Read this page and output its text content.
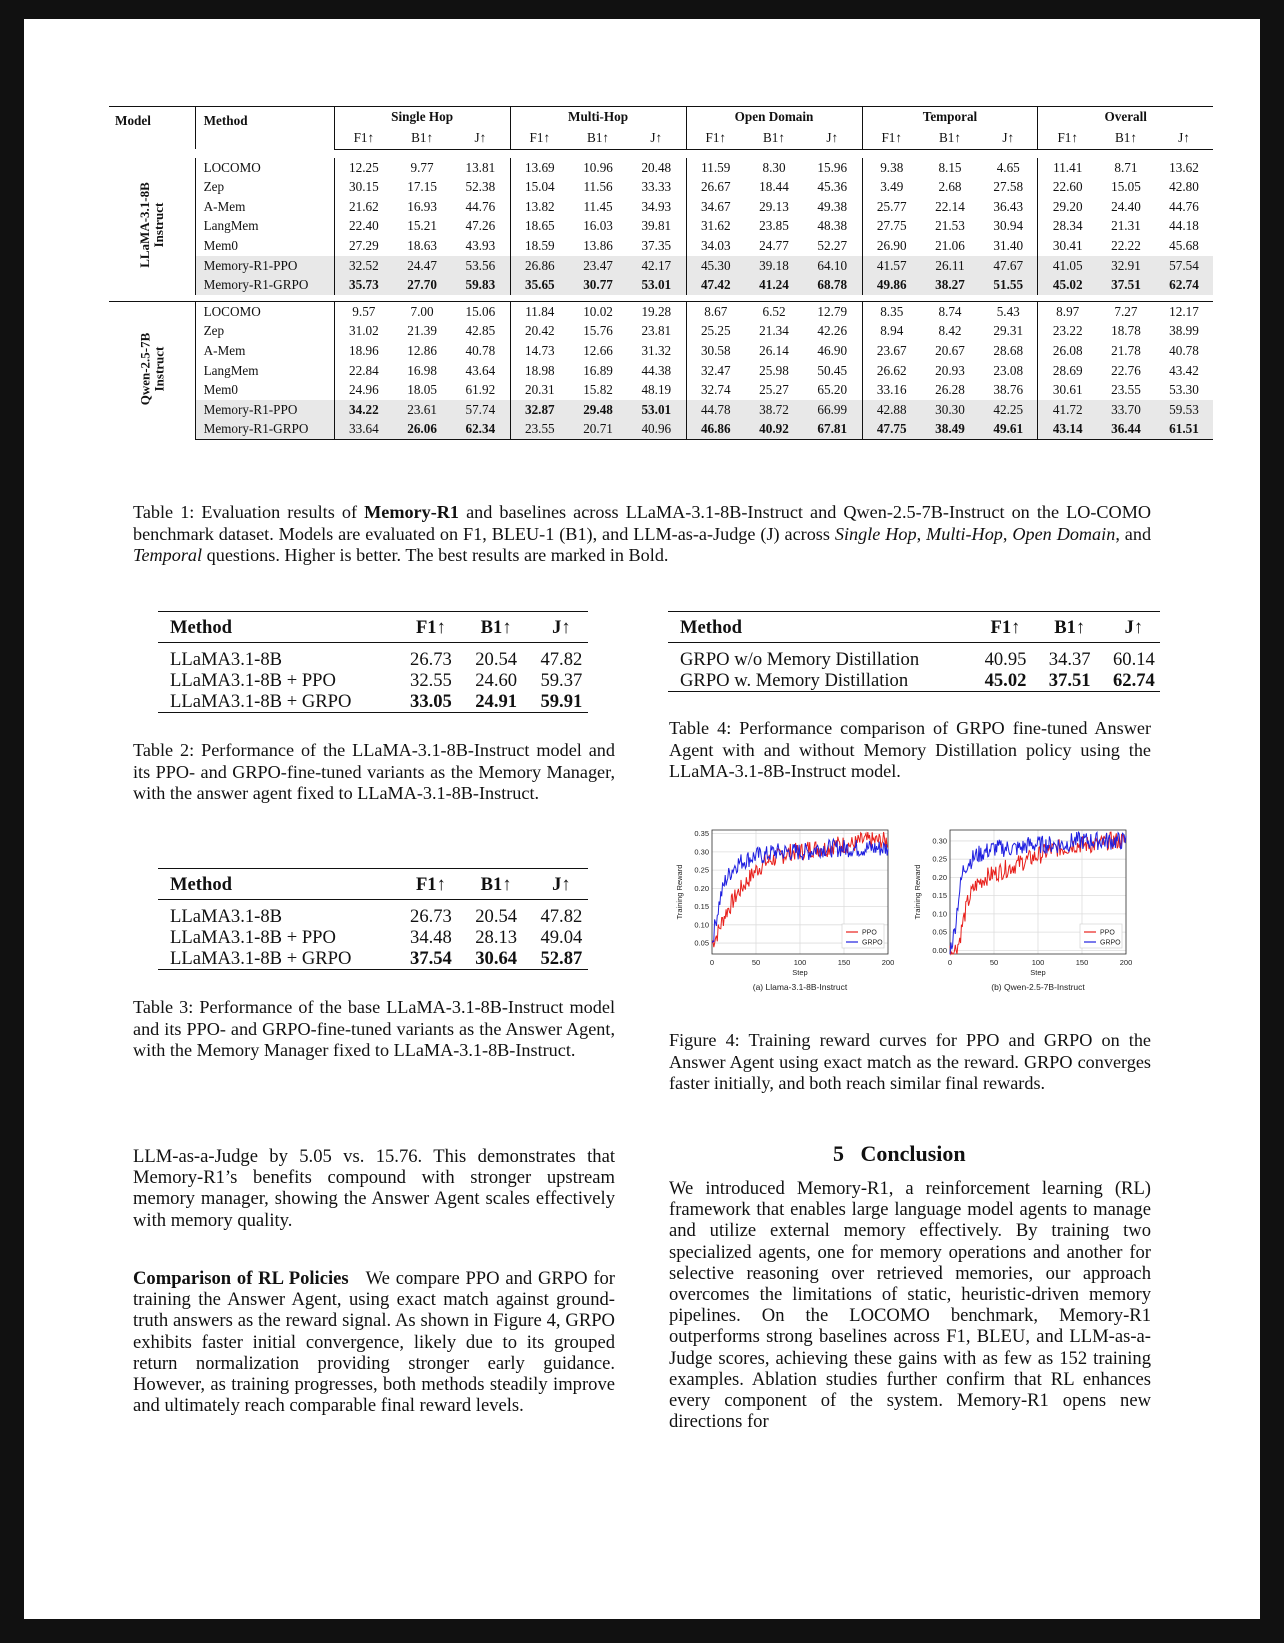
Model	Method	Single Hop			Multi-Hop			Open Domain			Temporal			Overall		
		F1↑	B1↑	J↑	F1↑	B1↑	J↑	F1↑	B1↑	J↑	F1↑	B1↑	J↑	F1↑	B1↑	J↑

LLaMA-3.1-8B Instruct	LOCOMO	12.25	9.77	13.81	13.69	10.96	20.48	11.59	8.30	15.96	9.38	8.15	4.65	11.41	8.71	13.62
	Zep	30.15	17.15	52.38	15.04	11.56	33.33	26.67	18.44	45.36	3.49	2.68	27.58	22.60	15.05	42.80
	A-Mem	21.62	16.93	44.76	13.82	11.45	34.93	34.67	29.13	49.38	25.77	22.14	36.43	29.20	24.40	44.76
	LangMem	22.40	15.21	47.26	18.65	16.03	39.81	31.62	23.85	48.38	27.75	21.53	30.94	28.34	21.31	44.18
	Mem0	27.29	18.63	43.93	18.59	13.86	37.35	34.03	24.77	52.27	26.90	21.06	31.40	30.41	22.22	45.68
	Memory-R1-PPO	32.52	24.47	53.56	26.86	23.47	42.17	45.30	39.18	64.10	41.57	26.11	47.67	41.05	32.91	57.54
	Memory-R1-GRPO	35.73	27.70	59.83	35.65	30.77	53.01	47.42	41.24	68.78	49.86	38.27	51.55	45.02	37.51	62.74

Qwen-2.5-7B Instruct	LOCOMO	9.57	7.00	15.06	11.84	10.02	19.28	8.67	6.52	12.79	8.35	8.74	5.43	8.97	7.27	12.17
	Zep	31.02	21.39	42.85	20.42	15.76	23.81	25.25	21.34	42.26	8.94	8.42	29.31	23.22	18.78	38.99
	A-Mem	18.96	12.86	40.78	14.73	12.66	31.32	30.58	26.14	46.90	23.67	20.67	28.68	26.08	21.78	40.78
	LangMem	22.84	16.98	43.64	18.98	16.89	44.38	32.47	25.98	50.45	26.62	20.93	23.08	28.69	22.76	43.42
	Mem0	24.96	18.05	61.92	20.31	15.82	48.19	32.74	25.27	65.20	33.16	26.28	38.76	30.61	23.55	53.30
	Memory-R1-PPO	34.22	23.61	57.74	32.87	29.48	53.01	44.78	38.72	66.99	42.88	30.30	42.25	41.72	33.70	59.53
	Memory-R1-GRPO	33.64	26.06	62.34	23.55	20.71	40.96	46.86	40.92	67.81	47.75	38.49	49.61	43.14	36.44	61.51
Table 1: Evaluation results of Memory-R1 and baselines across LLaMA-3.1-8B-Instruct and Qwen-2.5-7B-Instruct on the LO-COMO benchmark dataset. Models are evaluated on F1, BLEU-1 (B1), and LLM-as-a-Judge (J) across Single Hop, Multi-Hop, Open Domain, and Temporal questions. Higher is better. The best results are marked in Bold.
Method	F1↑	B1↑	J↑
LLaMA3.1-8B	26.73	20.54	47.82
LLaMA3.1-8B + PPO	32.55	24.60	59.37
LLaMA3.1-8B + GRPO	33.05	24.91	59.91
Table 2: Performance of the LLaMA-3.1-8B-Instruct model and its PPO- and GRPO-fine-tuned variants as the Memory Manager, with the answer agent fixed to LLaMA-3.1-8B-Instruct.
Method	F1↑	B1↑	J↑
LLaMA3.1-8B	26.73	20.54	47.82
LLaMA3.1-8B + PPO	34.48	28.13	49.04
LLaMA3.1-8B + GRPO	37.54	30.64	52.87
Table 3: Performance of the base LLaMA-3.1-8B-Instruct model and its PPO- and GRPO-fine-tuned variants as the Answer Agent, with the Memory Manager fixed to LLaMA-3.1-8B-Instruct.
Method	F1↑	B1↑	J↑
GRPO w/o Memory Distillation	40.95	34.37	60.14
GRPO w. Memory Distillation	45.02	37.51	62.74
Table 4: Performance comparison of GRPO fine-tuned Answer Agent with and without Memory Distillation policy using the LLaMA-3.1-8B-Instruct model.
0	50	100	150	200
0.05
0.10
0.15
0.20
0.25
0.30
0.35
PPO
GRPO
Step
Training Reward
(a) Llama-3.1-8B-Instruct
0	50	100	150	200
0.00
0.05
0.10
0.15
0.20
0.25
0.30
PPO
GRPO
Step
Training Reward
(b) Qwen-2.5-7B-Instruct
Figure 4: Training reward curves for PPO and GRPO on the Answer Agent using exact match as the reward. GRPO converges faster initially, and both reach similar final rewards.
LLM-as-a-Judge by 5.05 vs. 15.76. This demonstrates that Memory-R1’s benefits compound with stronger upstream memory manager, showing the Answer Agent scales effectively with memory quality.
Comparison of RL Policies We compare PPO and GRPO for training the Answer Agent, using exact match against ground-truth answers as the reward signal. As shown in Figure 4, GRPO exhibits faster initial convergence, likely due to its grouped return normalization providing stronger early guidance. However, as training progresses, both methods steadily improve and ultimately reach comparable final reward levels.
5 Conclusion
We introduced Memory-R1, a reinforcement learning (RL) framework that enables large language model agents to manage and utilize external memory effectively. By training two specialized agents, one for memory operations and another for selective reasoning over retrieved memories, our approach overcomes the limitations of static, heuristic-driven memory pipelines. On the LOCOMO benchmark, Memory-R1 outperforms strong baselines across F1, BLEU, and LLM-as-a-Judge scores, achieving these gains with as few as 152 training examples. Ablation studies further confirm that RL enhances every component of the system. Memory-R1 opens new directions for
